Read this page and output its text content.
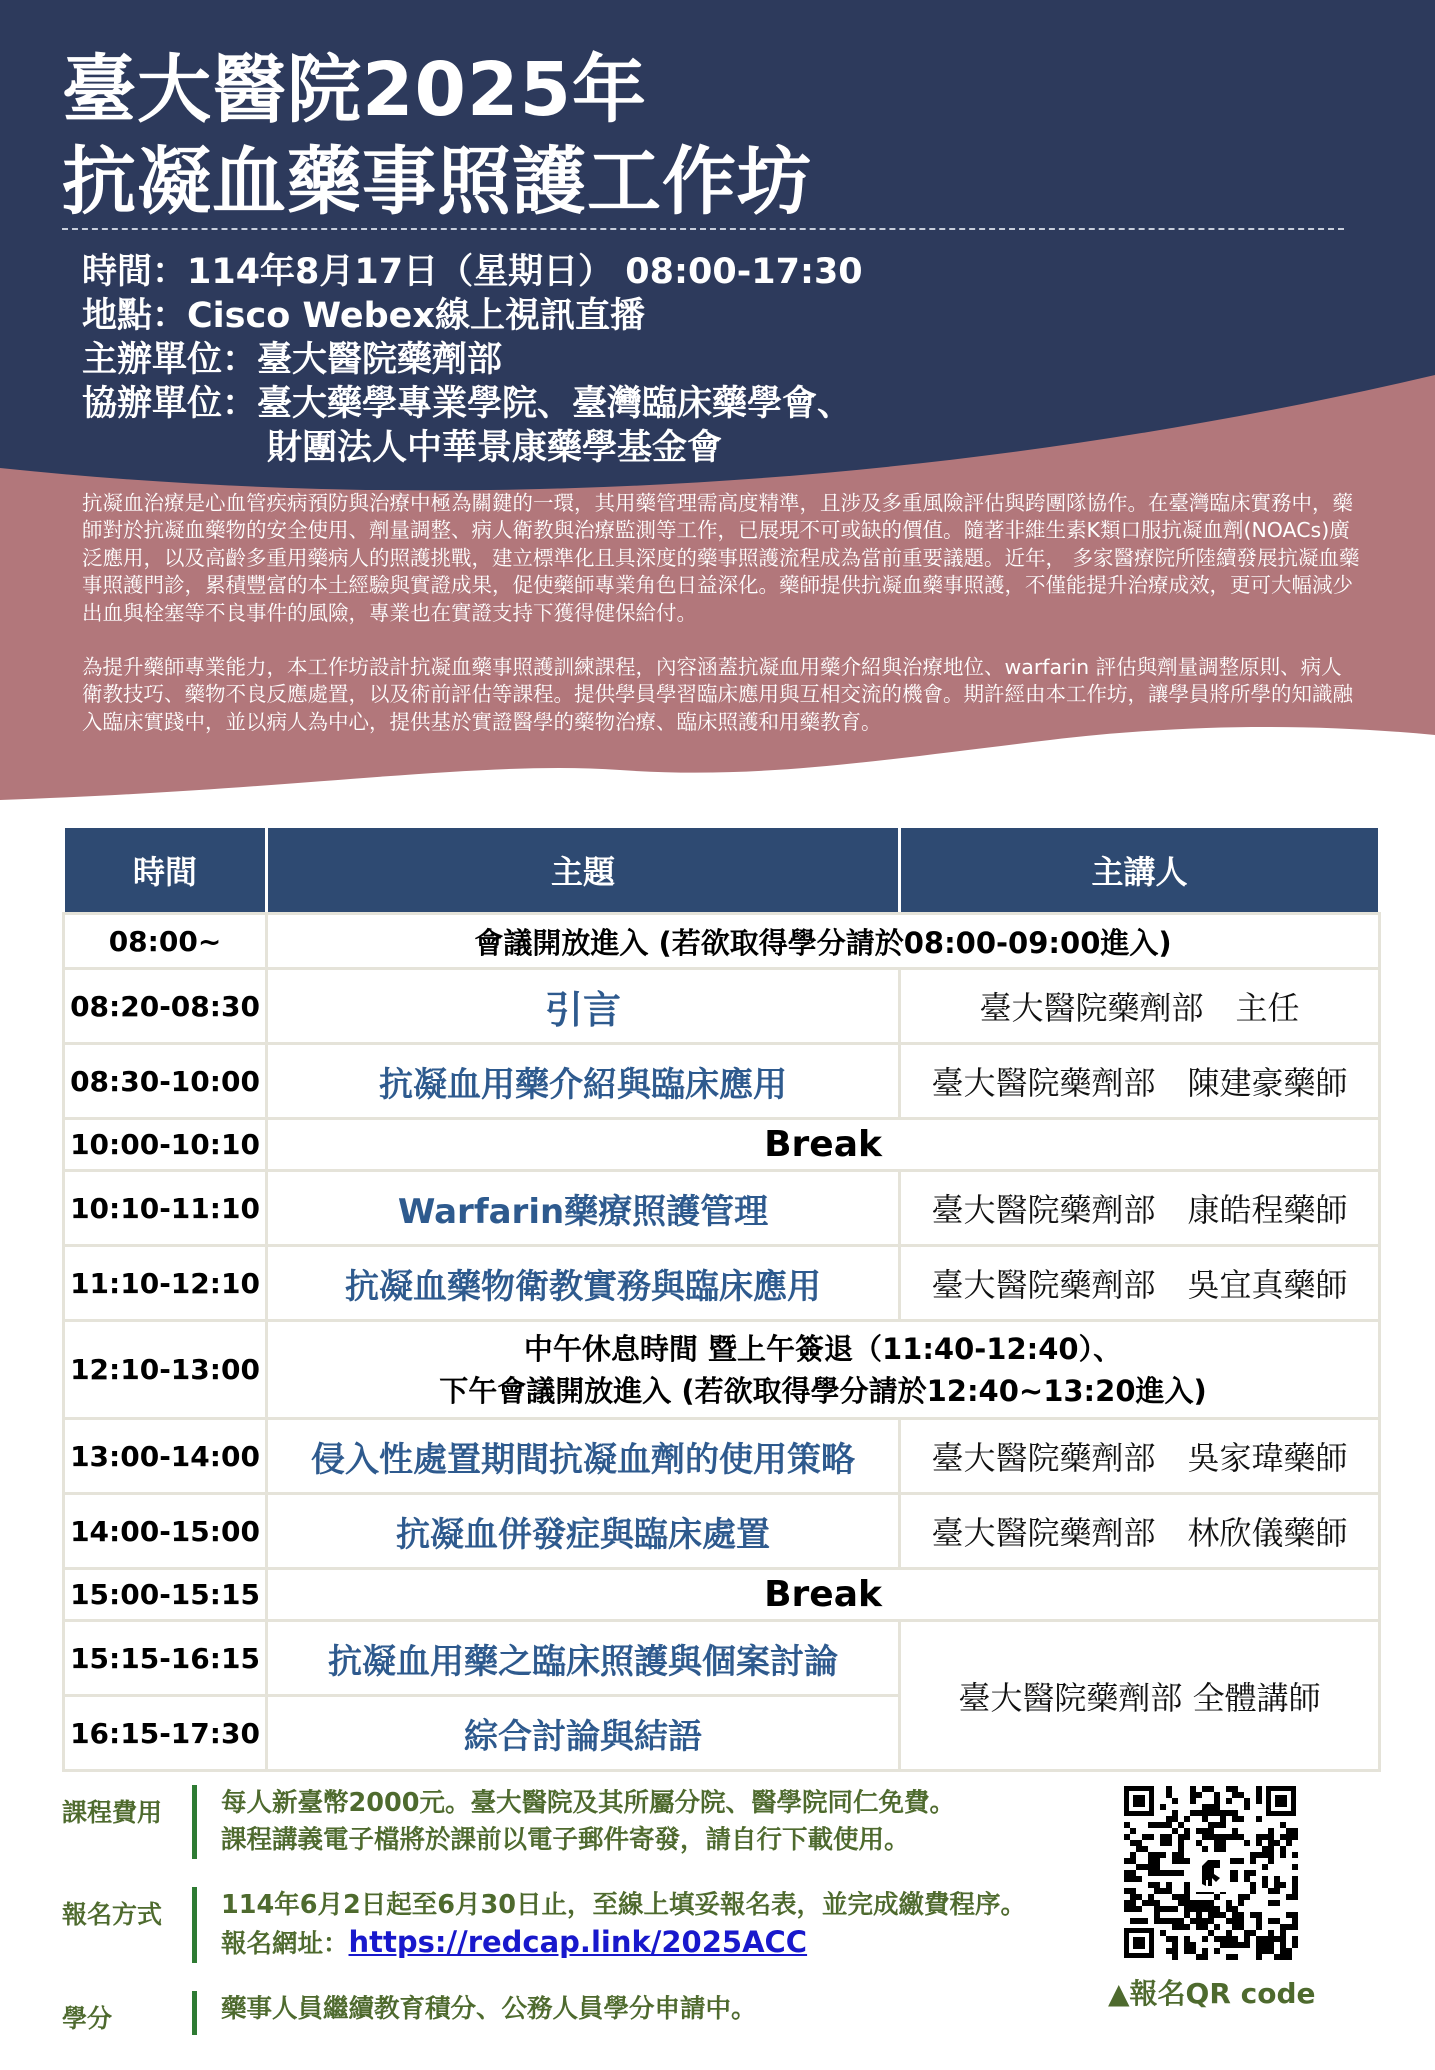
臺大醫院2025年
抗凝血藥事照護工作坊
時間：114年8月17日（星期日） 08:00-17:30
地點：Cisco Webex線上視訊直播
主辦單位：臺大醫院藥劑部
協辦單位：臺大藥學專業學院、臺灣臨床藥學會、
財團法人中華景康藥學基金會

抗凝血治療是心血管疾病預防與治療中極為關鍵的一環，其用藥管理需高度精準，且涉及多重風險評估與跨團隊協作。在臺灣臨床實務中，藥師對於抗凝血藥物的安全使用、劑量調整、病人衛教與治療監測等工作，已展現不可或缺的價值。隨著非維生素K類口服抗凝血劑(NOACs)廣泛應用，以及高齡多重用藥病人的照護挑戰，建立標準化且具深度的藥事照護流程成為當前重要議題。近年， 多家醫療院所陸續發展抗凝血藥事照護門診，累積豐富的本土經驗與實證成果，促使藥師專業角色日益深化。藥師提供抗凝血藥事照護，不僅能提升治療成效，更可大幅減少出血與栓塞等不良事件的風險，專業也在實證支持下獲得健保給付。

為提升藥師專業能力，本工作坊設計抗凝血藥事照護訓練課程，內容涵蓋抗凝血用藥介紹與治療地位、warfarin 評估與劑量調整原則、病人衛教技巧、藥物不良反應處置，以及術前評估等課程。提供學員學習臨床應用與互相交流的機會。期許經由本工作坊，讓學員將所學的知識融入臨床實踐中，並以病人為中心，提供基於實證醫學的藥物治療、臨床照護和用藥教育。

時間	主題	主講人
08:00~	會議開放進入 (若欲取得學分請於08:00-09:00進入)	
08:20-08:30	引言	臺大醫院藥劑部　主任
08:30-10:00	抗凝血用藥介紹與臨床應用	臺大醫院藥劑部　陳建豪藥師
10:00-10:10	Break	
10:10-11:10	Warfarin藥療照護管理	臺大醫院藥劑部　康皓程藥師
11:10-12:10	抗凝血藥物衛教實務與臨床應用	臺大醫院藥劑部　吳宜真藥師
12:10-13:00	中午休息時間 暨上午簽退（11:40-12:40）、
下午會議開放進入 (若欲取得學分請於12:40~13:20進入)	

13:00-14:00	侵入性處置期間抗凝血劑的使用策略	臺大醫院藥劑部　吳家瑋藥師
14:00-15:00	抗凝血併發症與臨床處置	臺大醫院藥劑部　林欣儀藥師
15:00-15:15	Break	
15:15-16:15	抗凝血用藥之臨床照護與個案討論	臺大醫院藥劑部 全體講師
16:15-17:30	綜合討論與結語	
課程費用	每人新臺幣2000元。臺大醫院及其所屬分院、醫學院同仁免費。
課程講義電子檔將於課前以電子郵件寄發，請自行下載使用。
報名方式	114年6月2日起至6月30日止，至線上填妥報名表，並完成繳費程序。
報名網址：https://redcap.link/2025ACC
學分	藥事人員繼續教育積分、公務人員學分申請中。	▲報名QR code
